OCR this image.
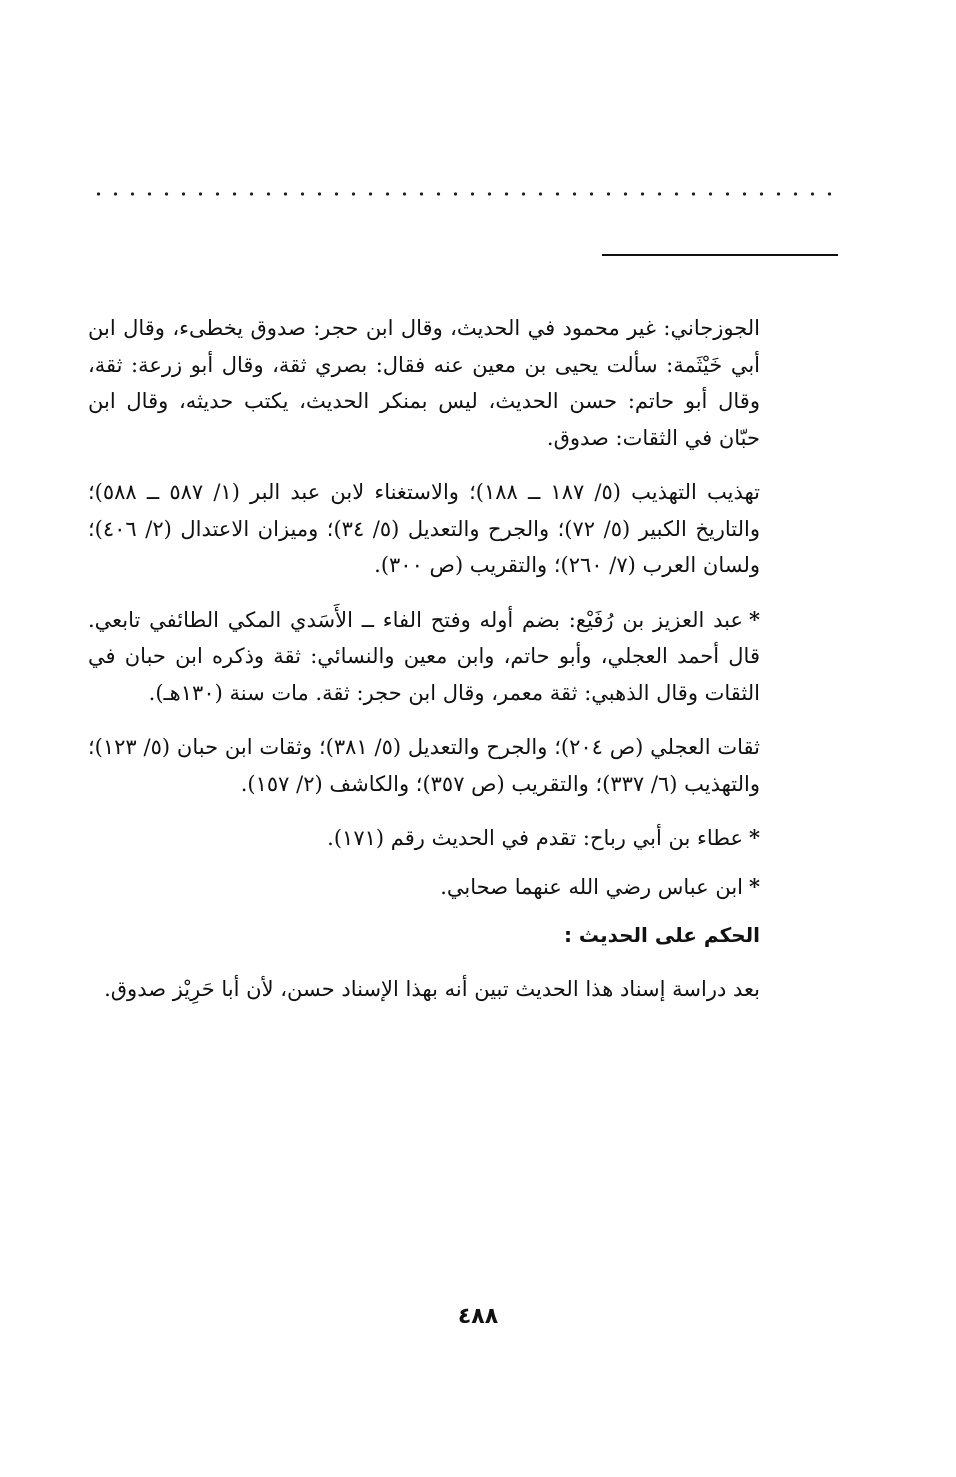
الجوزجاني: غير محمود في الحديث، وقال ابن حجر: صدوق يخطىء، وقال ابن أبي خَيْثَمة: سألت يحيى بن معين عنه فقال: بصري ثقة، وقال أبو زرعة: ثقة، وقال أبو حاتم: حسن الحديث، ليس بمنكر الحديث، يكتب حديثه، وقال ابن حبّان في الثقات: صدوق.

تهذيب التهذيب (٥/ ١٨٧ ــ ١٨٨)؛ والاستغناء لابن عبد البر (١/ ٥٨٧ ــ ٥٨٨)؛ والتاريخ الكبير (٥/ ٧٢)؛ والجرح والتعديل (٥/ ٣٤)؛ وميزان الاعتدال (٢/ ٤٠٦)؛ ولسان العرب (٧/ ٢٦٠)؛ والتقريب (ص ٣٠٠).

*عبد العزيز بن رُفَيْع: بضم أوله وفتح الفاء ــ الأَسَدي المكي الطائفي تابعي. قال أحمد العجلي، وأبو حاتم، وابن معين والنسائي: ثقة وذكره ابن حبان في الثقات وقال الذهبي: ثقة معمر، وقال ابن حجر: ثقة. مات سنة (١٣٠هـ).

ثقات العجلي (ص ٢٠٤)؛ والجرح والتعديل (٥/ ٣٨١)؛ وثقات ابن حبان (٥/ ١٢٣)؛ والتهذيب (٦/ ٣٣٧)؛ والتقريب (ص ٣٥٧)؛ والكاشف (٢/ ١٥٧).

*عطاء بن أبي رباح: تقدم في الحديث رقم (١٧١).

*ابن عباس رضي الله عنهما صحابي.

الحكم على الحديث :

بعد دراسة إسناد هذا الحديث تبين أنه بهذا الإسناد حسن، لأن أبا حَرِيْز صدوق.

٤٨٨
